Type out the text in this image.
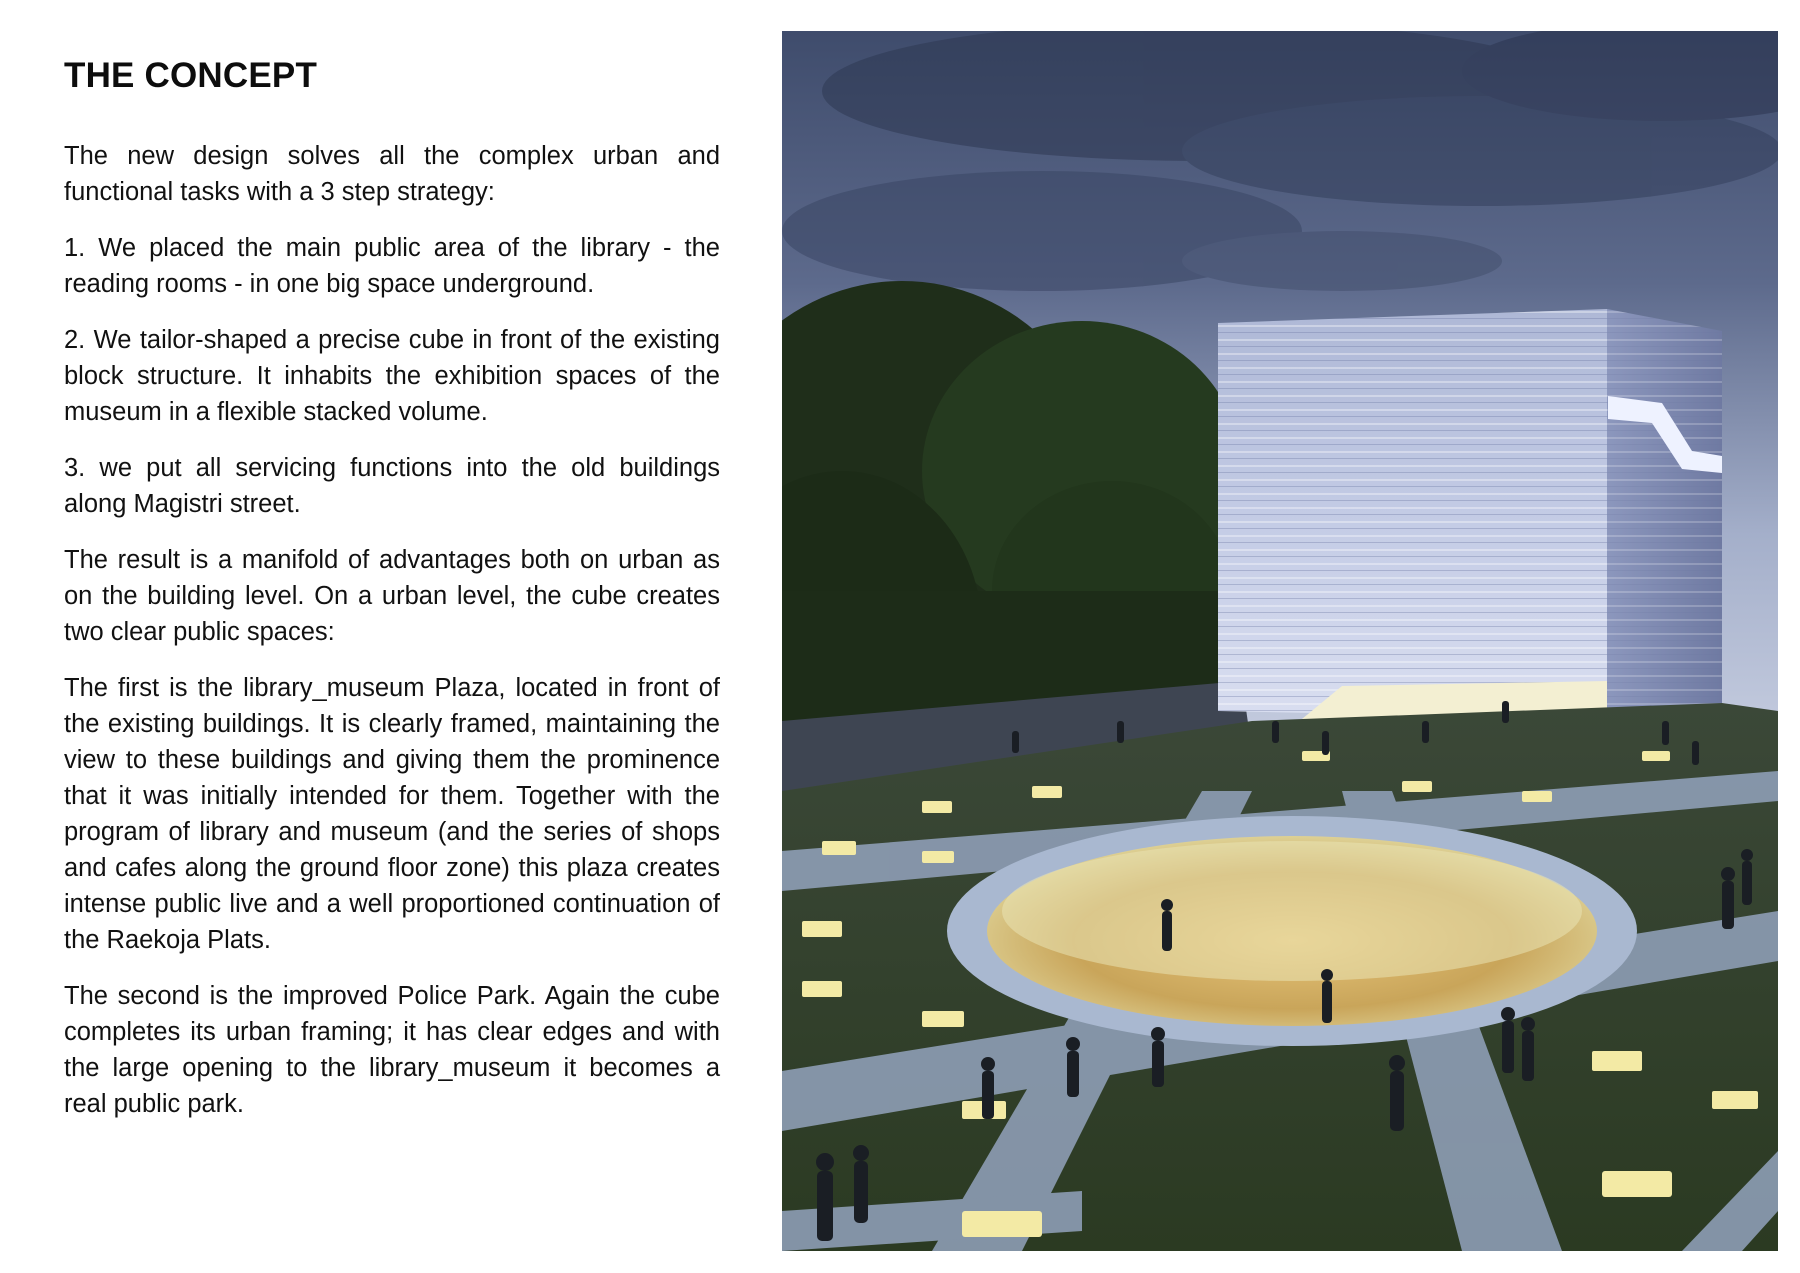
THE CONCEPT

The new design solves all the complex urban and functional tasks with a 3 step strategy:

1. We placed the main public area of the library - the reading rooms - in one big space underground.

2. We tailor-shaped a precise cube in front of the existing block structure. It inhabits the exhibition spaces of the museum in a flexible stacked volume.

3. we put all servicing functions into the old buildings along Magistri street.

The result is a manifold of advantages both on urban as on the building level. On a urban level, the cube creates two clear public spaces:

The first is the library_museum Plaza, located in front of the existing buildings. It is clearly framed, maintaining the view to these buildings and giving them the prominence that it was initially intended for them. Together with the program of library and museum (and the series of shops and cafes along the ground floor zone) this plaza creates intense public live and a well proportioned continuation of the Raekoja Plats.

The second is the improved Police Park. Again the cube completes its urban framing; it has clear edges and with the large opening to the library_museum it becomes a real public park.
